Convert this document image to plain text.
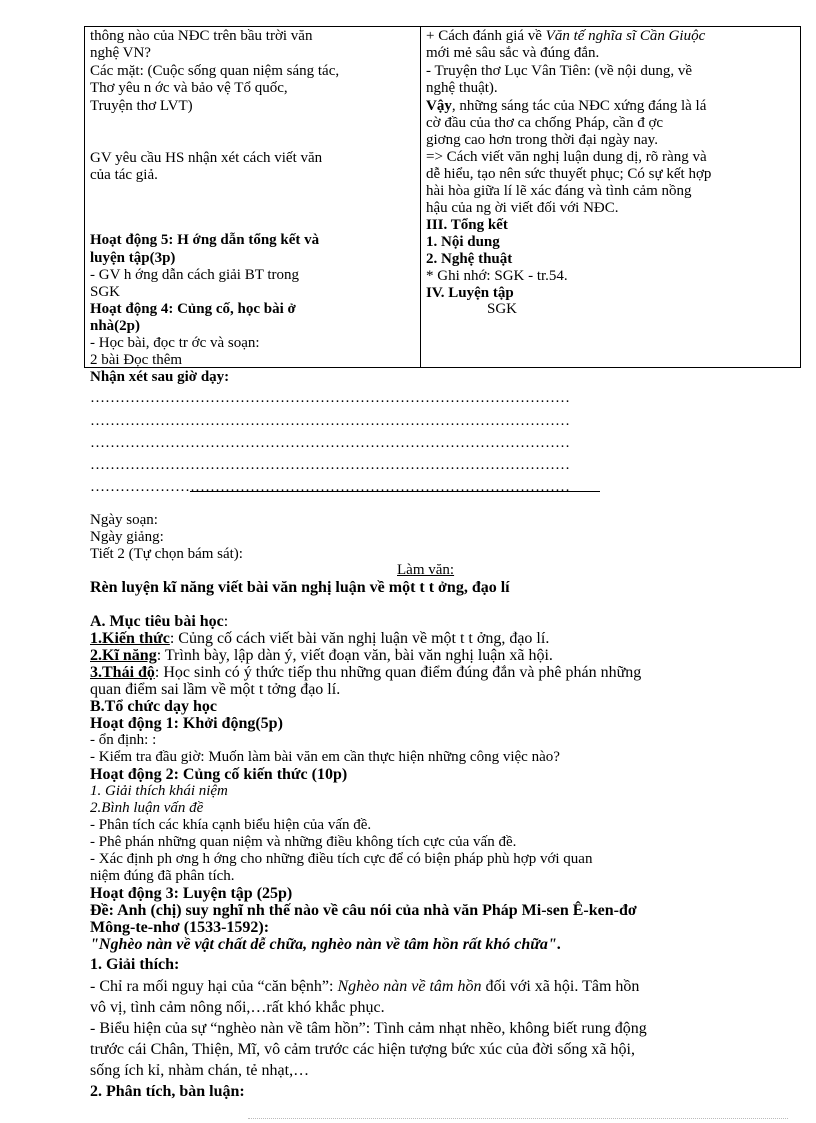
thông nào của NĐC trên bầu trời văn
nghệ VN?
Các mặt: (Cuộc sống quan niệm sáng tác,
Thơ yêu n ớc và bảo vệ Tổ quốc,
Truyện thơ LVT)
GV yêu cầu HS nhận xét cách viết văn
của tác giả.
Hoạt động 5: H ớng dẫn tổng kết và
luyện tập(3p)
- GV h ớng dẫn cách giải BT trong
SGK
Hoạt động 4: Củng cố, học bài ở
nhà(2p)
- Học bài, đọc tr ớc và soạn:
2 bài Đọc thêm
+ Cách đánh giá về Văn tế nghĩa sĩ Cần Giuộc
mới mẻ sâu sắc và đúng đắn.
- Truyện thơ Lục Vân Tiên: (về nội dung, về
nghệ thuật).
Vậy, những sáng tác của NĐC xứng đáng là lá
cờ đầu của thơ ca chống Pháp, cần đ ợc
giơng cao hơn trong thời đại ngày nay.
=> Cách viết văn nghị luận dung dị, rõ ràng và
dễ hiểu, tạo nên sức thuyết phục; Có sự kết hợp
hài hòa giữa lí lẽ xác đáng và tình cảm nồng
hậu của ng ời viết đối với NĐC.
III. Tổng kết
1. Nội dung
2. Nghệ thuật
* Ghi nhớ: SGK - tr.54.
IV. Luyện tập
SGK
Nhận xét sau giờ dạy:
……………………………………………………………………………………
……………………………………………………………………………………
……………………………………………………………………………………
……………………………………………………………………………………
……………………………………………………………………………………
Ngày soạn:
Ngày giảng:
Tiết 2 (Tự chọn bám sát):
Làm văn:
Rèn luyện kĩ năng viết bài văn nghị luận về một t t ởng, đạo lí
A. Mục tiêu bài học:
1.Kiến thức: Củng cố cách viết bài văn nghị luận về một t t ởng, đạo lí.
2.Kĩ năng: Trình bày, lập dàn ý, viết đoạn văn, bài văn nghị luận xã hội.
3.Thái độ: Học sinh có ý thức tiếp thu những quan điểm đúng đắn và phê phán những
quan điểm sai lầm về một t tởng đạo lí.
B.Tổ chức dạy học
Hoạt động 1: Khởi động(5p)
- ổn định: :
- Kiểm tra đầu giờ: Muốn làm bài văn em cần thực hiện những công việc nào?
Hoạt động 2: Củng cố kiến thức (10p)
1. Giải thích khái niệm
2.Bình luận vấn đề
- Phân tích các khía cạnh biểu hiện của vấn đề.
- Phê phán những quan niệm và những điều không tích cực của vấn đề.
- Xác định ph ơng h ớng cho những điều tích cực để có biện pháp phù hợp với quan
niệm đúng đã phân tích.
Hoạt động 3: Luyện tập (25p)
Đề: Anh (chị) suy nghĩ nh thế nào về câu nói của nhà văn Pháp Mi-sen Ê-ken-đơ
Mông-te-nhơ (1533-1592):
"Nghèo nàn về vật chất dễ chữa, nghèo nàn về tâm hồn rất khó chữa".
1. Giải thích:
- Chỉ ra mối nguy hại của “căn bệnh”: Nghèo nàn về tâm hồn đối với xã hội. Tâm hồn
vô vị, tình cảm nông nổi,…rất khó khắc phục.
- Biểu hiện của sự “nghèo nàn về tâm hồn”: Tình cảm nhạt nhẽo, không biết rung động
trước cái Chân, Thiện, Mĩ, vô cảm trước các hiện tượng bức xúc của đời sống xã hội,
sống ích kỉ, nhàm chán, tẻ nhạt,…
2. Phân tích, bàn luận:
